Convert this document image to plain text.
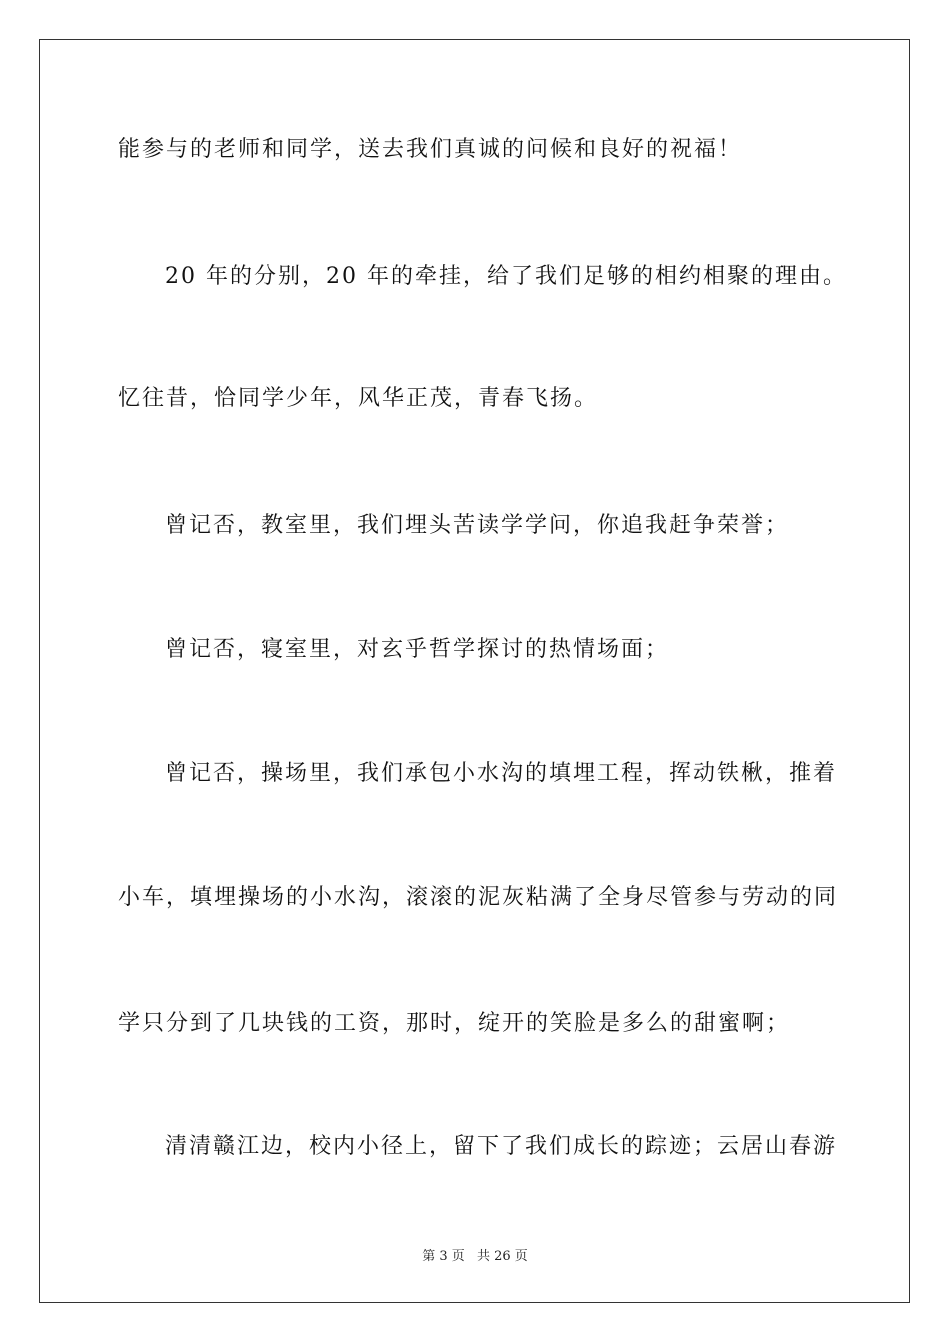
能参与的老师和同学，送去我们真诚的问候和良好的祝福！
20 年的分别，20 年的牵挂，给了我们足够的相约相聚的理由。
忆往昔，恰同学少年，风华正茂，青春飞扬。
曾记否，教室里，我们埋头苦读学学问，你追我赶争荣誉；
曾记否，寝室里，对玄乎哲学探讨的热情场面；
曾记否，操场里，我们承包小水沟的填埋工程，挥动铁楸，推着
小车，填埋操场的小水沟，滚滚的泥灰粘满了全身尽管参与劳动的同
学只分到了几块钱的工资，那时，绽开的笑脸是多么的甜蜜啊；
清清赣江边，校内小径上，留下了我们成长的踪迹；云居山春游
第 3 页 共 26 页
